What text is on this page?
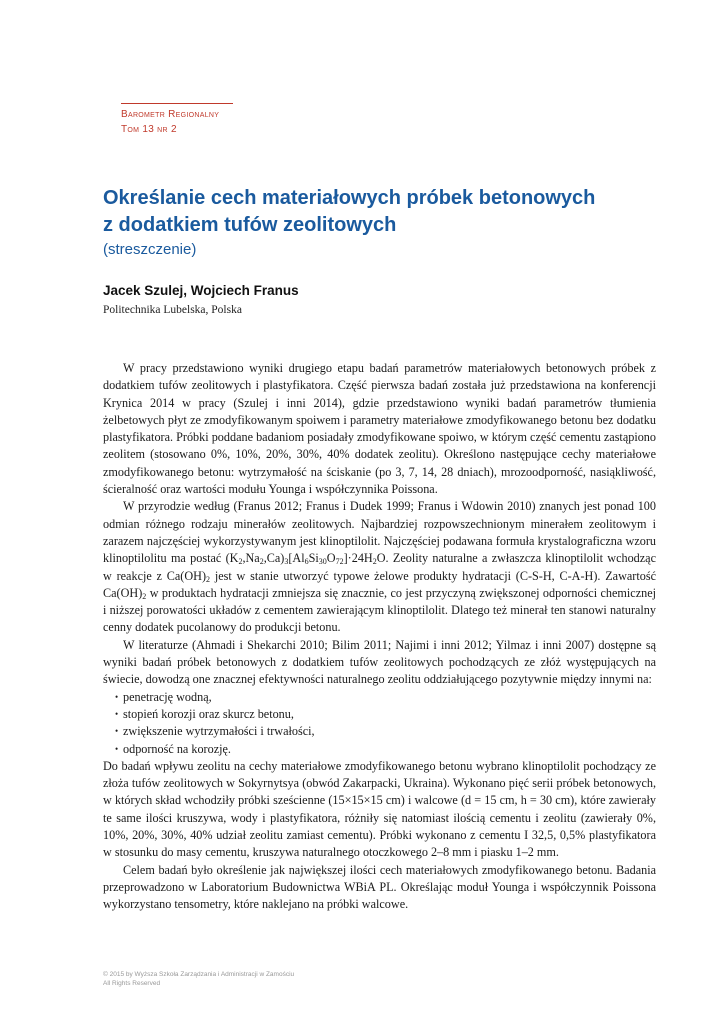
Barometr Regionalny
Tom 13 nr 2
Określanie cech materiałowych próbek betonowych
z dodatkiem tufów zeolitowych

(streszczenie)

Jacek Szulej, Wojciech Franus

Politechnika Lubelska, Polska

W pracy przedstawiono wyniki drugiego etapu badań parametrów materiałowych betonowych próbek z dodatkiem tufów zeolitowych i plastyfikatora. Część pierwsza badań została już przedstawiona na konferencji Krynica 2014 w pracy (Szulej i inni 2014), gdzie przedstawiono wyniki badań parametrów tłumienia żelbetowych płyt ze zmodyfikowanym spoiwem i parametry materiałowe zmodyfikowanego betonu bez dodatku plastyfikatora. Próbki poddane badaniom posiadały zmodyfikowane spoiwo, w którym część cementu zastąpiono zeolitem (stosowano 0%, 10%, 20%, 30%, 40% dodatek zeolitu). Określono następujące cechy materiałowe zmodyfikowanego betonu: wytrzymałość na ściskanie (po 3, 7, 14, 28 dniach), mrozoodporność, nasiąkliwość, ścieralność oraz wartości modułu Younga i współczynnika Poissona.

W przyrodzie według (Franus 2012; Franus i Dudek 1999; Franus i Wdowin 2010) znanych jest ponad 100 odmian różnego rodzaju minerałów zeolitowych. Najbardziej rozpowszechnionym minerałem zeolitowym i zarazem najczęściej wykorzystywanym jest klinoptilolit. Najczęściej podawana formuła krystalograficzna wzoru klinoptilolitu ma postać $(K_2,Na_2,Ca)_3[Al_6Si_{30}O_{72}]\cdot 24H_2O$. Zeolity naturalne a zwłaszcza klinoptilolit wchodząc w reakcje z $Ca(OH)_2$ jest w stanie utworzyć typowe żelowe produkty hydratacji (C-S-H, C-A-H). Zawartość $Ca(OH)_2$ w produktach hydratacji zmniejsza się znacznie, co jest przyczyną zwiększonej odporności chemicznej i niższej porowatości układów z cementem zawierającym klinoptilolit. Dlatego też minerał ten stanowi naturalny cenny dodatek pucolanowy do produkcji betonu.

W literaturze (Ahmadi i Shekarchi 2010; Bilim 2011; Najimi i inni 2012; Yilmaz i inni 2007) dostępne są wyniki badań próbek betonowych z dodatkiem tufów zeolitowych pochodzących ze złóż występujących na świecie, dowodzą one znacznej efektywności naturalnego zeolitu oddziałującego pozytywnie między innymi na:

• penetrację wodną,
• stopień korozji oraz skurcz betonu,
• zwiększenie wytrzymałości i trwałości,
• odporność na korozję.

Do badań wpływu zeolitu na cechy materiałowe zmodyfikowanego betonu wybrano klinoptilolit pochodzący ze złoża tufów zeolitowych w Sokyrnytsya (obwód Zakarpacki, Ukraina). Wykonano pięć serii próbek betonowych, w których skład wchodziły próbki sześcienne (15×15×15 cm) i walcowe (d = 15 cm, h = 30 cm), które zawierały te same ilości kruszywa, wody i plastyfikatora, różniły się natomiast ilością cementu i zeolitu (zawierały 0%, 10%, 20%, 30%, 40% udział zeolitu zamiast cementu). Próbki wykonano z cementu I 32,5, 0,5% plastyfikatora w stosunku do masy cementu, kruszywa naturalnego otoczkowego 2–8 mm i piasku 1–2 mm.

Celem badań było określenie jak największej ilości cech materiałowych zmodyfikowanego betonu. Badania przeprowadzono w Laboratorium Budownictwa WBiA PL. Określając moduł Younga i współczynnik Poissona wykorzystano tensometry, które naklejano na próbki walcowe.

© 2015 by Wyższa Szkoła Zarządzania i Administracji w Zamościu
All Rights Reserved
